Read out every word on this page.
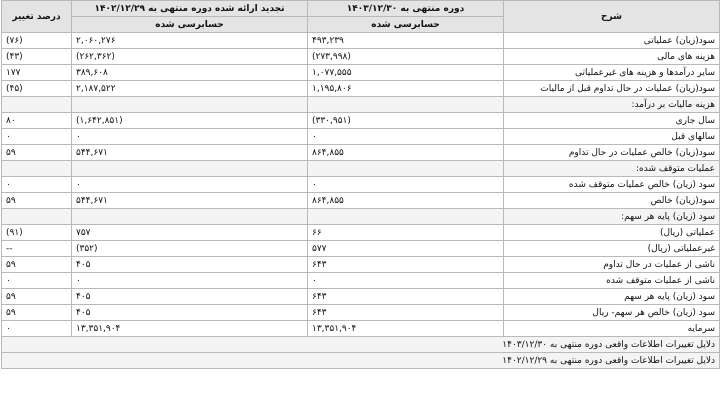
شرح	دوره منتهی به ۱۴۰۳/۱۲/۳۰	تجدید ارائه شده دوره منتهی به ۱۴۰۲/۱۲/۲۹	درصد تغییر
	حسابرسی شده	حسابرسی شده	
سود(زیان) عملیاتی	۴۹۳,۲۳۹	۲,۰۶۰,۲۷۶	(۷۶)
هزینه های مالی	(۲۷۳,۹۹۸)	(۲۶۲,۳۶۲)	(۴۳)
سایر درآمدها و هزینه های غیرعملیاتی	۱,۰۷۷,۵۵۵	۳۸۹,۶۰۸	۱۷۷
سود(زیان) عملیات در حال تداوم قبل از مالیات	۱,۱۹۵,۸۰۶	۲,۱۸۷,۵۲۲	(۴۵)
هزینه مالیات بر درآمد:			
سال جاری	(۳۳۰,۹۵۱)	(۱,۶۴۲,۸۵۱)	۸۰
سالهای قبل	۰	۰	۰
سود(زیان) خالص عملیات در حال تداوم	۸۶۴,۸۵۵	۵۴۴,۶۷۱	۵۹
عملیات متوقف شده:			
سود (زیان) خالص عملیات متوقف شده	۰	۰	۰
سود(زیان) خالص	۸۶۴,۸۵۵	۵۴۴,۶۷۱	۵۹
سود (زیان) پایه هر سهم:			
عملیاتی (ریال)	۶۶	۷۵۷	(۹۱)
غیرعملیاتی (ریال)	۵۷۷	(۳۵۲)	--
ناشی از عملیات در حال تداوم	۶۴۳	۴۰۵	۵۹
ناشی از عملیات متوقف شده	۰	۰	۰
سود (زیان) پایه هر سهم	۶۴۳	۴۰۵	۵۹
سود (زیان) خالص هر سهم- ریال	۶۴۳	۴۰۵	۵۹
سرمایه	۱۳,۳۵۱,۹۰۴	۱۳,۳۵۱,۹۰۴	۰
دلایل تغییرات اطلاعات واقعی دوره منتهی به ۱۴۰۳/۱۲/۳۰			
دلایل تغییرات اطلاعات واقعی دوره منتهی به ۱۴۰۲/۱۲/۲۹			
